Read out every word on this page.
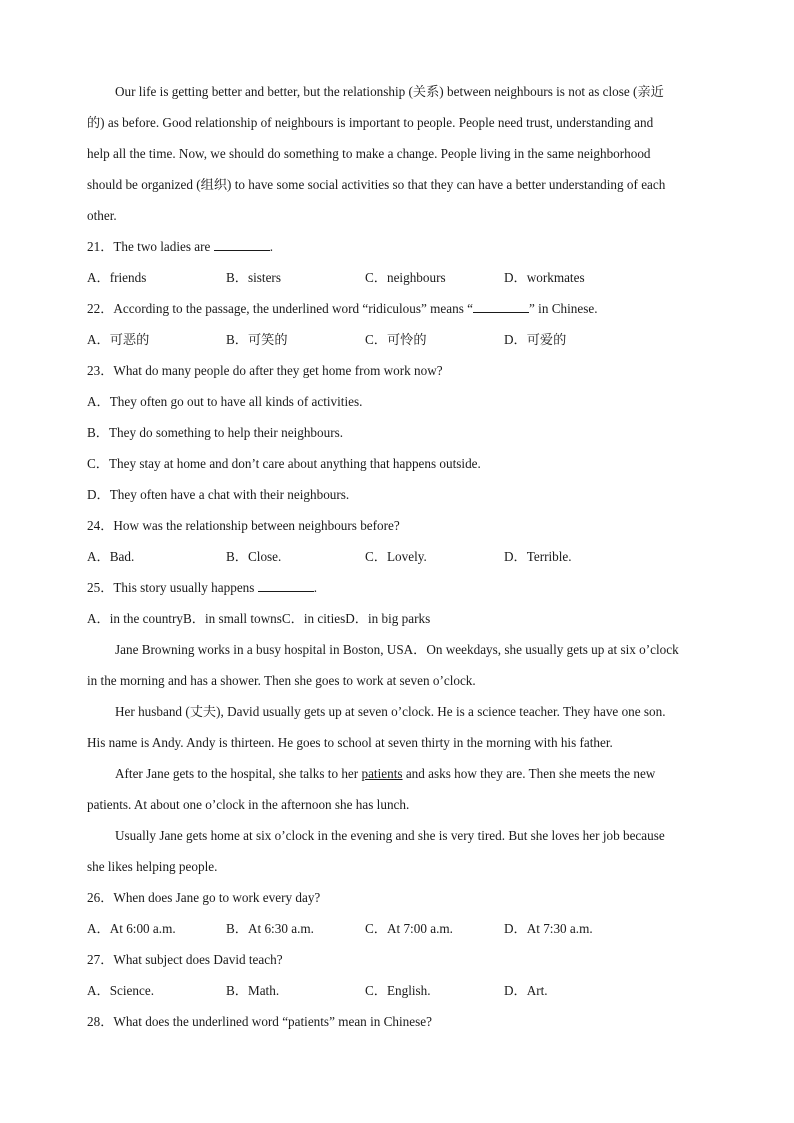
Our life is getting better and better, but the relationship (关系) between neighbours is not as close (亲近
的) as before. Good relationship of neighbours is important to people. People need trust, understanding and
help all the time. Now, we should do something to make a change. People living in the same neighborhood
should be organized (组织) to have some social activities so that they can have a better understanding of each
other.
21．The two ladies are	.
A．friends	B．sisters	C．neighbours	D．workmates
22．According to the passage, the underlined word “ridiculous” means “	” in Chinese.
A．可恶的	B．可笑的	C．可怜的	D．可爱的
23．What do many people do after they get home from work now?
A．They often go out to have all kinds of activities.
B．They do something to help their neighbours.
C．They stay at home and don’t care about anything that happens outside.
D．They often have a chat with their neighbours.
24．How was the relationship between neighbours before?
A．Bad.	B．Close.	C．Lovely.	D．Terrible.
25．This story usually happens	.
A．in the countryB．in small townsC．in citiesD．in big parks
Jane Browning works in a busy hospital in Boston, USA．On weekdays, she usually gets up at six o’clock
in the morning and has a shower. Then she goes to work at seven o’clock.
Her husband (丈夫), David usually gets up at seven o’clock. He is a science teacher. They have one son.
His name is Andy. Andy is thirteen. He goes to school at seven thirty in the morning with his father.
After Jane gets to the hospital, she talks to her patients and asks how they are. Then she meets the new
patients. At about one o’clock in the afternoon she has lunch.
Usually Jane gets home at six o’clock in the evening and she is very tired. But she loves her job because
she likes helping people.
26．When does Jane go to work every day?
A．At 6:00 a.m.	B．At 6:30 a.m.	C．At 7:00 a.m.	D．At 7:30 a.m.
27．What subject does David teach?
A．Science.	B．Math.	C．English.	D．Art.
28．What does the underlined word “patients” mean in Chinese?
